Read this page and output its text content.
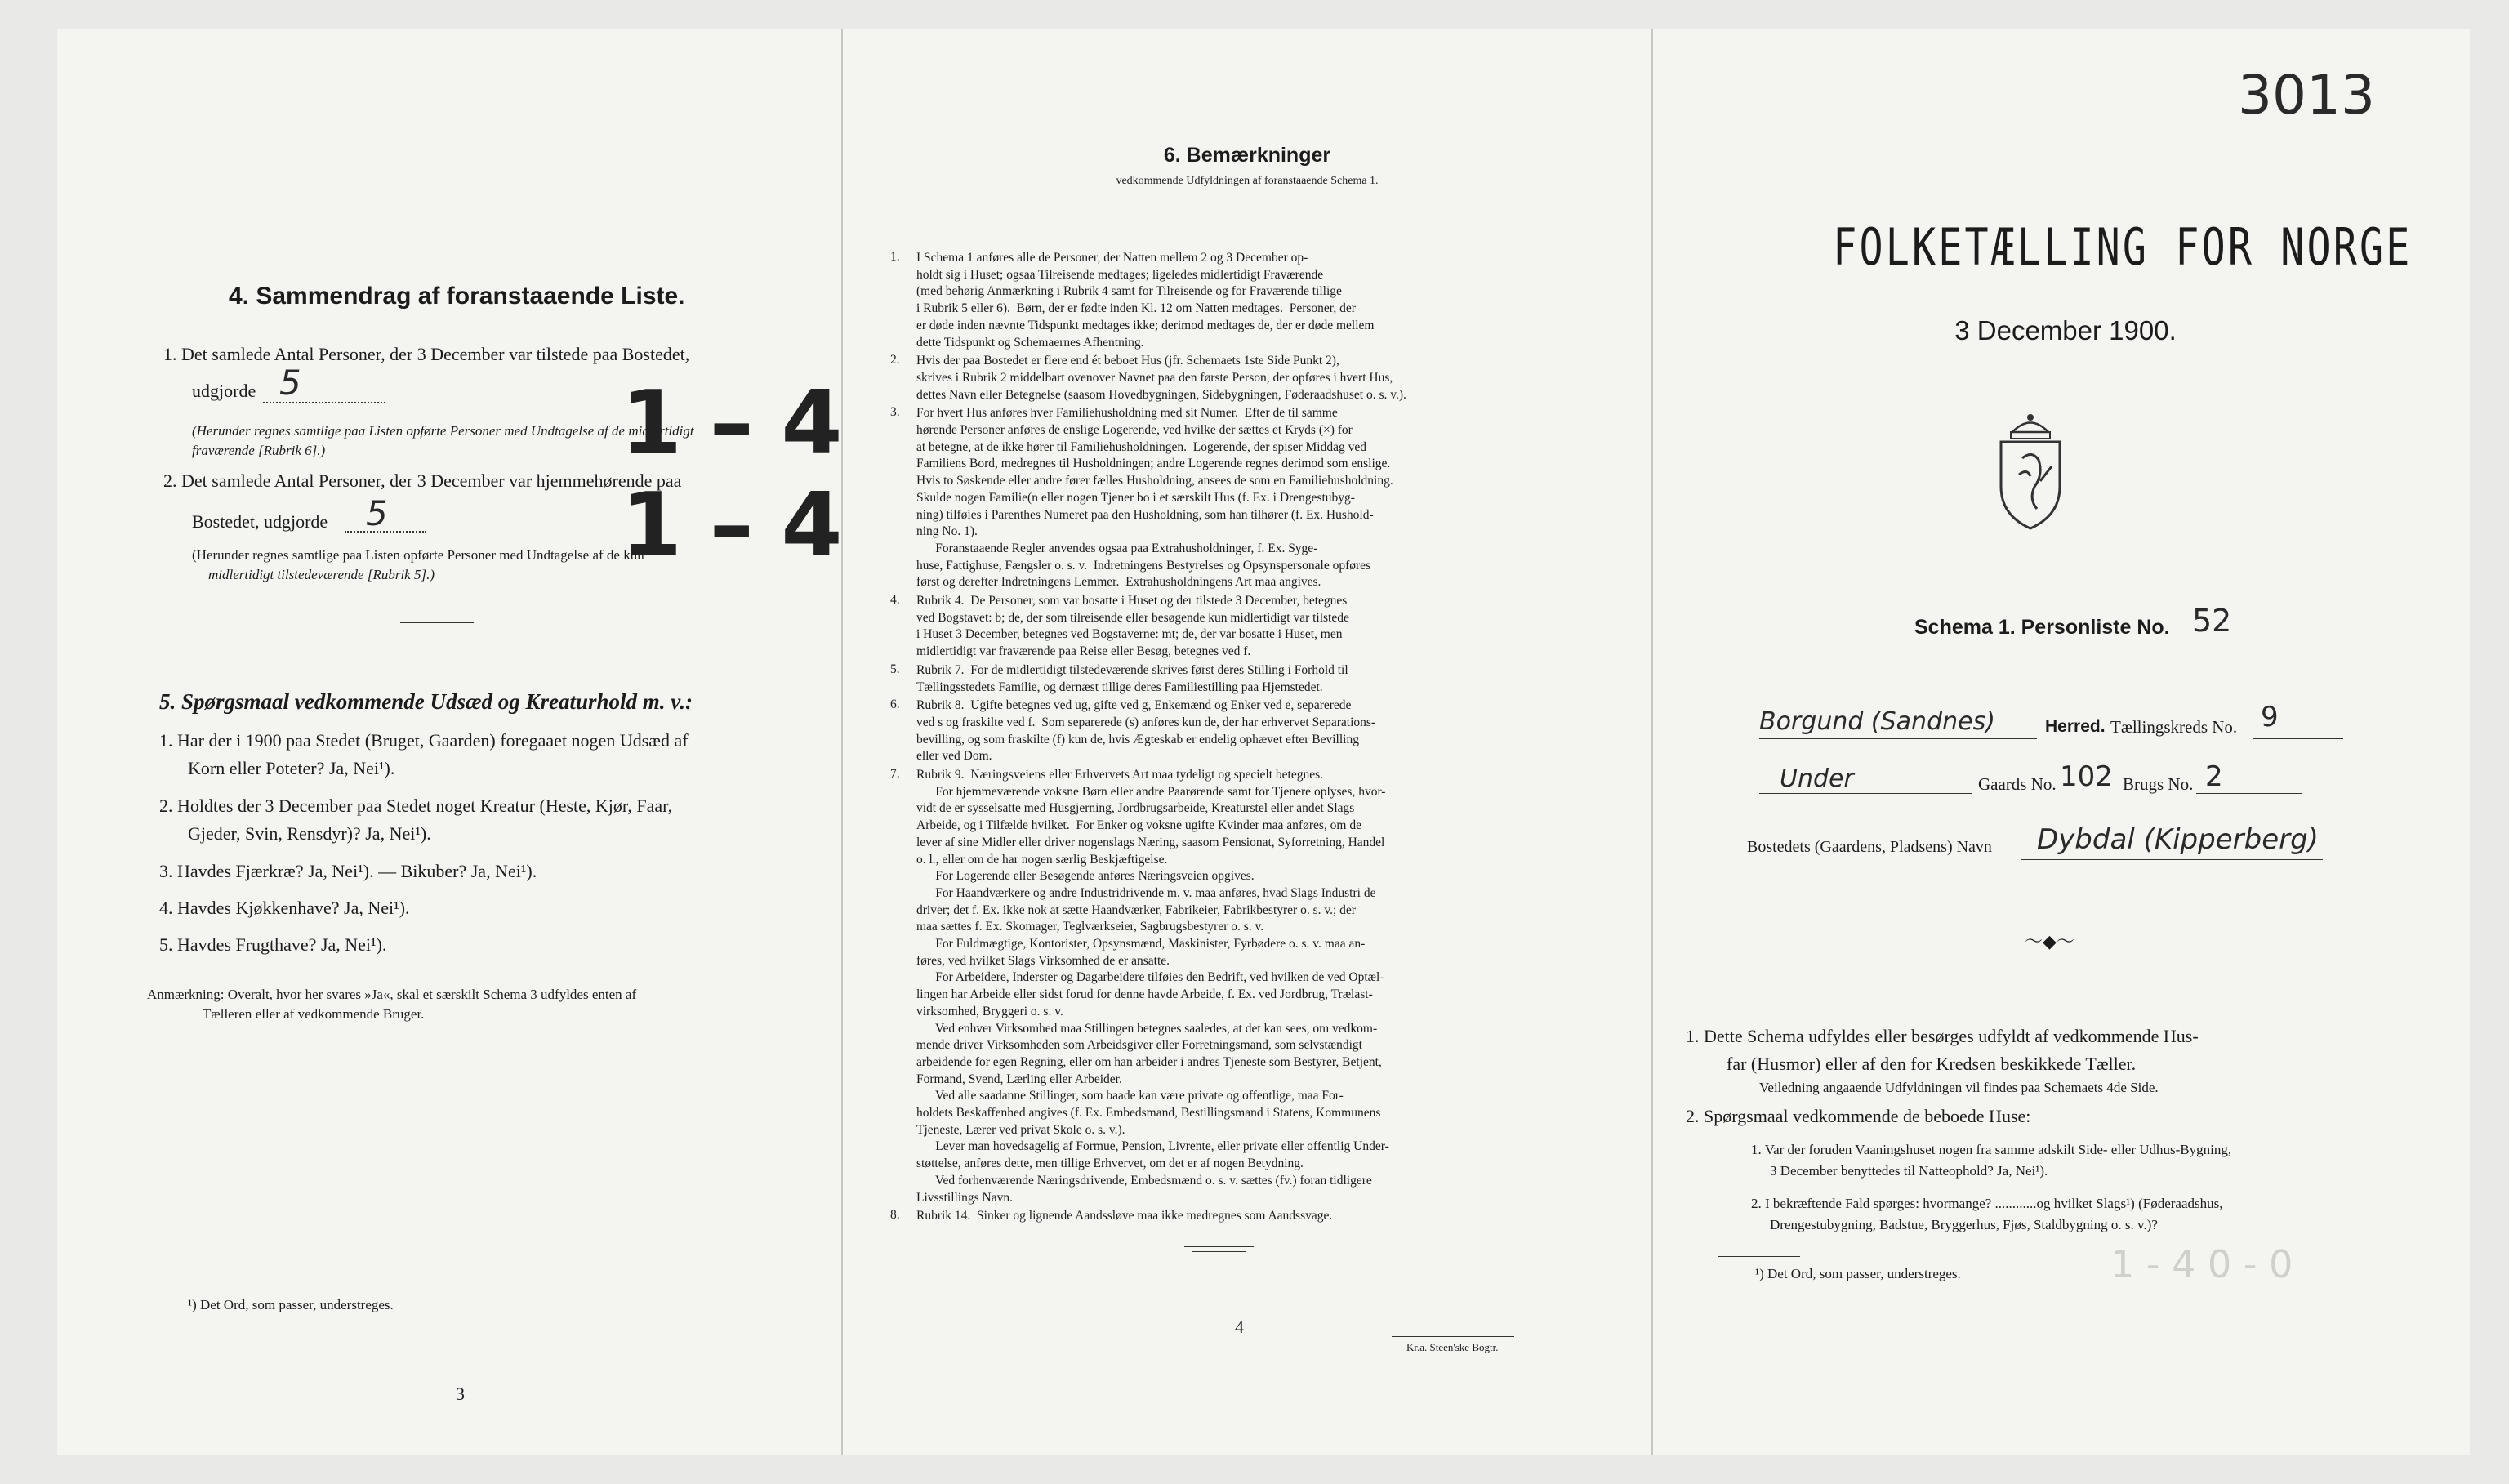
4. Sammendrag af foranstaaende Liste.
1. Det samlede Antal Personer, der 3 December var tilstede paa Bostedet,
udgjorde 5
(Herunder regnes samtlige paa Listen opførte Personer med Undtagelse af de midlertidigt
fraværende [Rubrik 6].)
2. Det samlede Antal Personer, der 3 December var hjemmehørende paa
Bostedet, udgjorde 5
(Herunder regnes samtlige paa Listen opførte Personer med Undtagelse af de kun
midlertidigt tilstedeværende [Rubrik 5].)
1 – 4
1 – 4
5. Spørgsmaal vedkommende Udsæd og Kreaturhold m. v.:
1. Har der i 1900 paa Stedet (Bruget, Gaarden) foregaaet nogen Udsæd af
Korn eller Poteter? Ja, Nei¹).
2. Holdtes der 3 December paa Stedet noget Kreatur (Heste, Kjør, Faar,
Gjeder, Svin, Rensdyr)? Ja, Nei¹).
3. Havdes Fjærkræ? Ja, Nei¹). — Bikuber? Ja, Nei¹).
4. Havdes Kjøkkenhave? Ja, Nei¹).
5. Havdes Frugthave? Ja, Nei¹).
Anmærkning: Overalt, hvor her svares »Ja«, skal et særskilt Schema 3 udfyldes enten af
Tælleren eller af vedkommende Bruger.
¹) Det Ord, som passer, understreges.
3
6. Bemærkninger
vedkommende Udfyldningen af foranstaaende Schema 1.
1. I Schema 1 anføres alle de Personer, der Natten mellem 2 og 3 December op-
holdt sig i Huset; ogsaa Tilreisende medtages; ligeledes midlertidigt Fraværende
(med behørig Anmærkning i Rubrik 4 samt for Tilreisende og for Fraværende tillige
i Rubrik 5 eller 6).  Børn, der er fødte inden Kl. 12 om Natten medtages.  Personer, der
er døde inden nævnte Tidspunkt medtages ikke; derimod medtages de, der er døde mellem
dette Tidspunkt og Schemaernes Afhentning.
2. Hvis der paa Bostedet er flere end ét beboet Hus (jfr. Schemaets 1ste Side Punkt 2),
skrives i Rubrik 2 middelbart ovenover Navnet paa den første Person, der opføres i hvert Hus,
dettes Navn eller Betegnelse (saasom Hovedbygningen, Sidebygningen, Føderaadshuset o. s. v.).
3. For hvert Hus anføres hver Familiehusholdning med sit Numer.  Efter de til samme
hørende Personer anføres de enslige Logerende, ved hvilke der sættes et Kryds (×) for
at betegne, at de ikke hører til Familiehusholdningen.  Logerende, der spiser Middag ved
Familiens Bord, medregnes til Husholdningen; andre Logerende regnes derimod som enslige.
Hvis to Søskende eller andre fører fælles Husholdning, ansees de som en Familiehusholdning.
Skulde nogen Familie(n eller nogen Tjener bo i et særskilt Hus (f. Ex. i Drengestubyg-
ning) tilføies i Parenthes Numeret paa den Husholdning, som han tilhører (f. Ex. Hushold-
ning No. 1).
Foranstaaende Regler anvendes ogsaa paa Extrahusholdninger, f. Ex. Syge-
huse, Fattighuse, Fængsler o. s. v.  Indretningens Bestyrelses og Opsynspersonale opføres
først og derefter Indretningens Lemmer.  Extrahusholdningens Art maa angives.
4. Rubrik 4.  De Personer, som var bosatte i Huset og der tilstede 3 December, betegnes
ved Bogstavet: b; de, der som tilreisende eller besøgende kun midlertidigt var tilstede
i Huset 3 December, betegnes ved Bogstaverne: mt; de, der var bosatte i Huset, men
midlertidigt var fraværende paa Reise eller Besøg, betegnes ved f.
5. Rubrik 7.  For de midlertidigt tilstedeværende skrives først deres Stilling i Forhold til
Tællingsstedets Familie, og dernæst tillige deres Familiestilling paa Hjemstedet.
6. Rubrik 8.  Ugifte betegnes ved ug, gifte ved g, Enkemænd og Enker ved e, separerede
ved s og fraskilte ved f.  Som separerede (s) anføres kun de, der har erhvervet Separations-
bevilling, og som fraskilte (f) kun de, hvis Ægteskab er endelig ophævet efter Bevilling
eller ved Dom.
7. Rubrik 9.  Næringsveiens eller Erhvervets Art maa tydeligt og specielt betegnes.
For hjemmeværende voksne Børn eller andre Paarørende samt for Tjenere oplyses, hvor-
vidt de er sysselsatte med Husgjerning, Jordbrugsarbeide, Kreaturstel eller andet Slags
Arbeide, og i Tilfælde hvilket.  For Enker og voksne ugifte Kvinder maa anføres, om de
lever af sine Midler eller driver nogenslags Næring, saasom Pensionat, Syforretning, Handel
o. l., eller om de har nogen særlig Beskjæftigelse.
For Logerende eller Besøgende anføres Næringsveien opgives.
For Haandværkere og andre Industridrivende m. v. maa anføres, hvad Slags Industri de
driver; det f. Ex. ikke nok at sætte Haandværker, Fabrikeier, Fabrikbestyrer o. s. v.; der
maa sættes f. Ex. Skomager, Teglværkseier, Sagbrugsbestyrer o. s. v.
For Fuldmægtige, Kontorister, Opsynsmænd, Maskinister, Fyrbødere o. s. v. maa an-
føres, ved hvilket Slags Virksomhed de er ansatte.
For Arbeidere, Inderster og Dagarbeidere tilføies den Bedrift, ved hvilken de ved Optæl-
lingen har Arbeide eller sidst forud for denne havde Arbeide, f. Ex. ved Jordbrug, Trælast-
virksomhed, Bryggeri o. s. v.
Ved enhver Virksomhed maa Stillingen betegnes saaledes, at det kan sees, om vedkom-
mende driver Virksomheden som Arbeidsgiver eller Forretningsmand, som selvstændigt
arbeidende for egen Regning, eller om han arbeider i andres Tjeneste som Bestyrer, Betjent,
Formand, Svend, Lærling eller Arbeider.
Ved alle saadanne Stillinger, som baade kan være private og offentlige, maa For-
holdets Beskaffenhed angives (f. Ex. Embedsmand, Bestillingsmand i Statens, Kommunens
Tjeneste, Lærer ved privat Skole o. s. v.).
Lever man hovedsagelig af Formue, Pension, Livrente, eller private eller offentlig Under-
støttelse, anføres dette, men tillige Erhvervet, om det er af nogen Betydning.
Ved forhenværende Næringsdrivende, Embedsmænd o. s. v. sættes (fv.) foran tidligere
Livsstillings Navn.
8. Rubrik 14.  Sinker og lignende Aandssløve maa ikke medregnes som Aandssvage.
4
Kr.a. Steen'ske Bogtr.
3013
FOLKETÆLLING FOR NORGE
3 December 1900.
Schema 1. Personliste No. 52
Borgund (Sandnes)	Herred. Tællingskreds No. 9
Under	Gaards No. 102 Brugs No. 2
Bostedets (Gaardens, Pladsens) Navn Dybdal (Kipperberg)
〜◆〜
1. Dette Schema udfyldes eller besørges udfyldt af vedkommende Hus-
far (Husmor) eller af den for Kredsen beskikkede Tæller.
Veiledning angaaende Udfyldningen vil findes paa Schemaets 4de Side.
2. Spørgsmaal vedkommende de beboede Huse:
1. Var der foruden Vaaningshuset nogen fra samme adskilt Side- eller Udhus-Bygning,
3 December benyttedes til Natteophold? Ja, Nei¹).
2. I bekræftende Fald spørges: hvormange? ............og hvilket Slags¹) (Føderaadshus,
Drengestubygning, Badstue, Bryggerhus, Fjøs, Staldbygning o. s. v.)?
¹) Det Ord, som passer, understreges.	1 - 4 0 - 0
